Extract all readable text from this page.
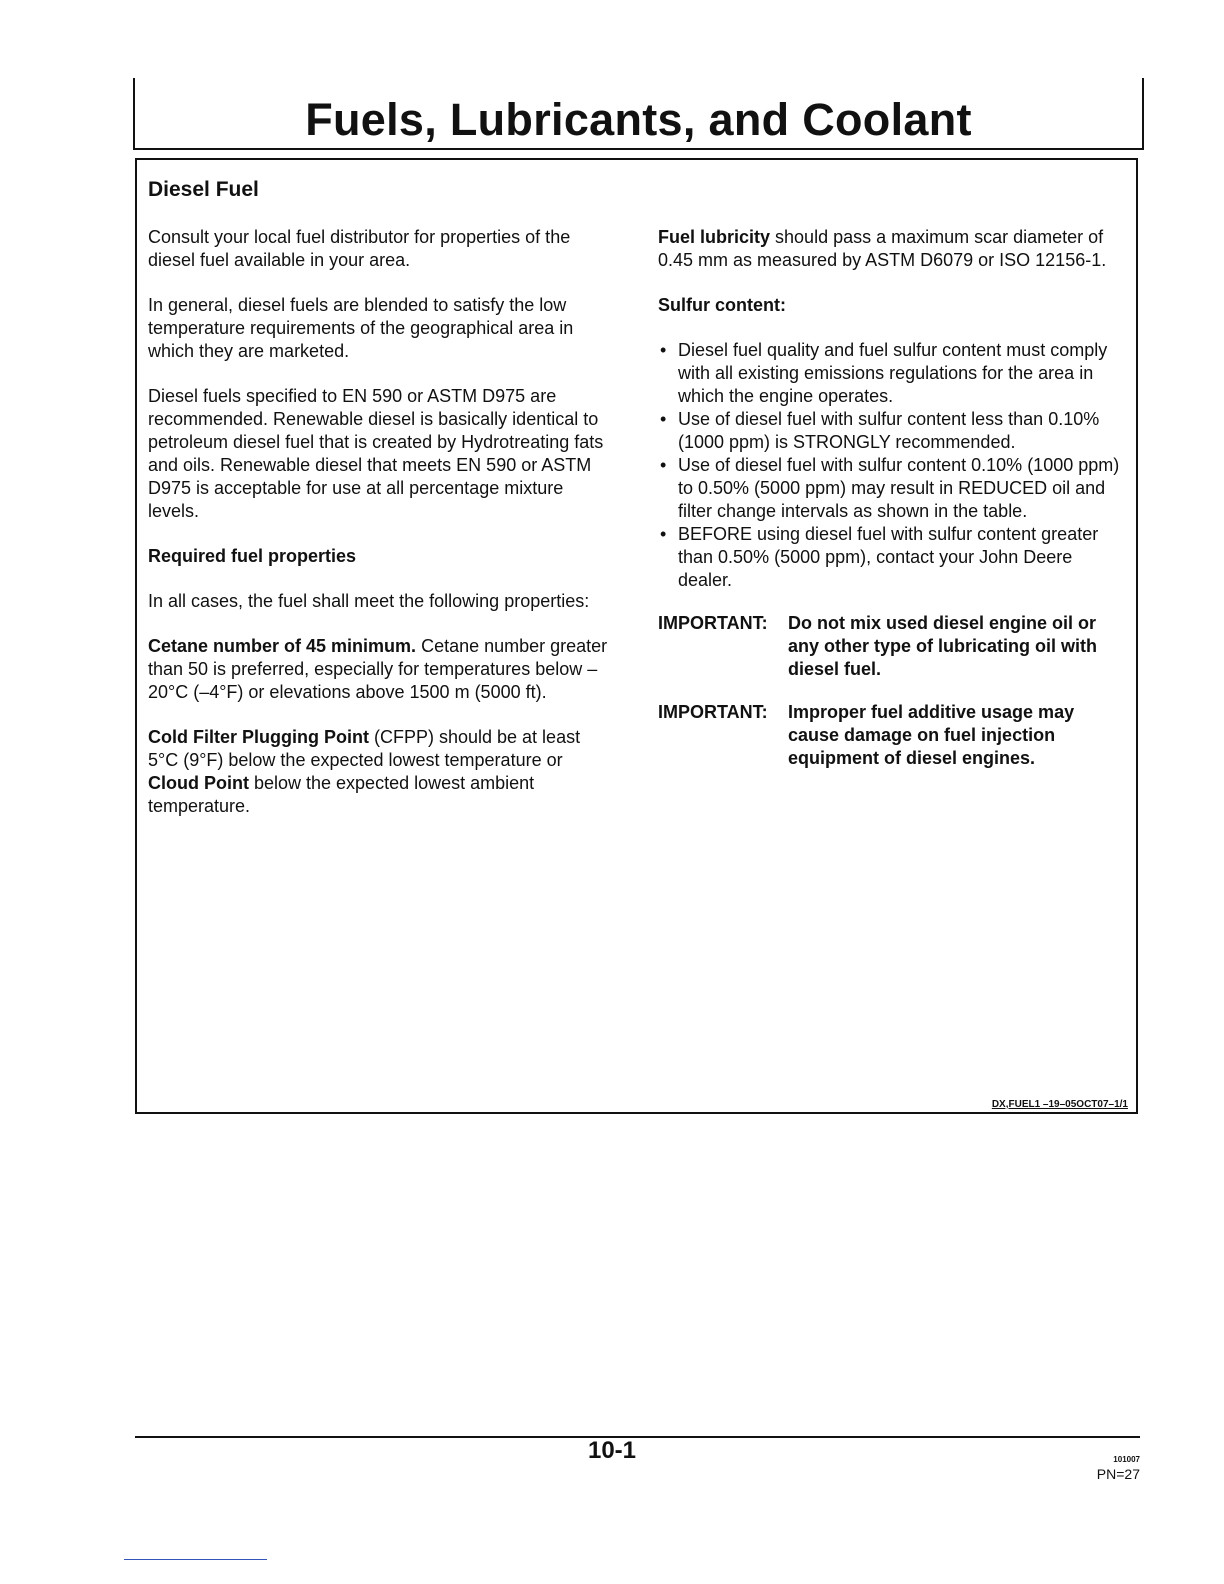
Fuels, Lubricants, and Coolant
Diesel Fuel

Consult your local fuel distributor for properties of the diesel fuel available in your area.

In general, diesel fuels are blended to satisfy the low temperature requirements of the geographical area in which they are marketed.

Diesel fuels specified to EN 590 or ASTM D975 are recommended. Renewable diesel is basically identical to petroleum diesel fuel that is created by Hydrotreating fats and oils. Renewable diesel that meets EN 590 or ASTM D975 is acceptable for use at all percentage mixture levels.

Required fuel properties

In all cases, the fuel shall meet the following properties:

Cetane number of 45 minimum. Cetane number greater than 50 is preferred, especially for temperatures below –20°C (–4°F) or elevations above 1500 m (5000 ft).

Cold Filter Plugging Point (CFPP) should be at least 5°C (9°F) below the expected lowest temperature or Cloud Point below the expected lowest ambient temperature.

Fuel lubricity should pass a maximum scar diameter of 0.45 mm as measured by ASTM D6079 or ISO 12156-1.

Sulfur content:

• Diesel fuel quality and fuel sulfur content must comply with all existing emissions regulations for the area in which the engine operates.
• Use of diesel fuel with sulfur content less than 0.10% (1000 ppm) is STRONGLY recommended.
• Use of diesel fuel with sulfur content 0.10% (1000 ppm) to 0.50% (5000 ppm) may result in REDUCED oil and filter change intervals as shown in the table.
• BEFORE using diesel fuel with sulfur content greater than 0.50% (5000 ppm), contact your John Deere dealer.
IMPORTANT:	Do not mix used diesel engine oil or any other type of lubricating oil with diesel fuel.
IMPORTANT:	Improper fuel additive usage may cause damage on fuel injection equipment of diesel engines.
DX,FUEL1 –19–05OCT07–1/1
10-1	101007
PN=27
